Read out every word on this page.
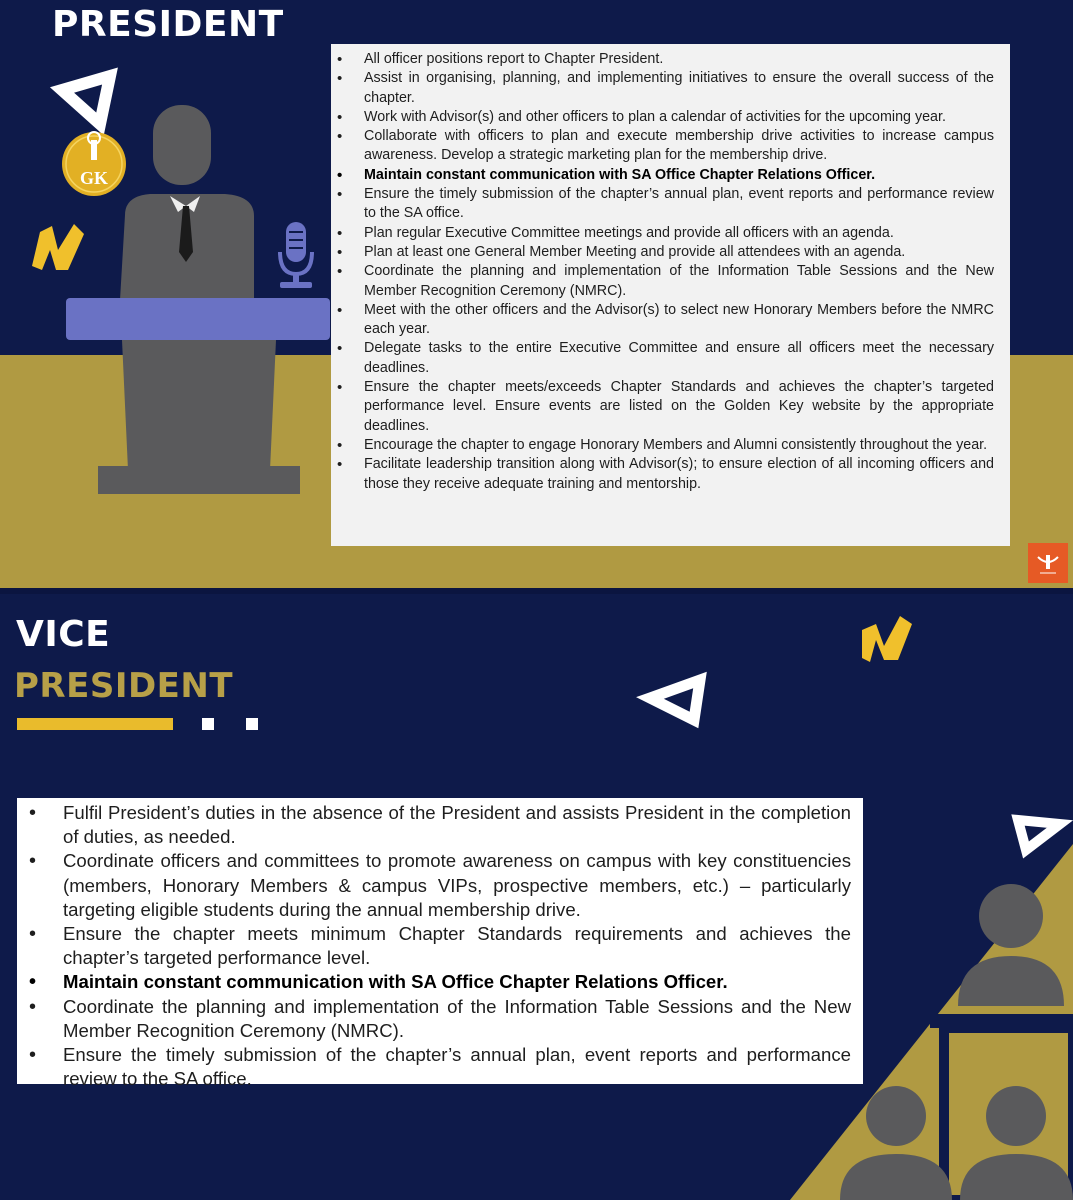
GK
PRESIDENT
• All officer positions report to Chapter President.
• Assist in organising, planning, and implementing initiatives to ensure the overall success of the chapter.
• Work with Advisor(s) and other officers to plan a calendar of activities for the upcoming year.
• Collaborate with officers to plan and execute membership drive activities to increase campus awareness. Develop a strategic marketing plan for the membership drive.
• Maintain constant communication with SA Office Chapter Relations Officer.
• Ensure the timely submission of the chapter’s annual plan, event reports and performance review to the SA office.
• Plan regular Executive Committee meetings and provide all officers with an agenda.
• Plan at least one General Member Meeting and provide all attendees with an agenda.
• Coordinate the planning and implementation of the Information Table Sessions and the New Member Recognition Ceremony (NMRC).
• Meet with the other officers and the Advisor(s) to select new Honorary Members before the NMRC each year.
• Delegate tasks to the entire Executive Committee and ensure all officers meet the necessary deadlines.
• Ensure the chapter meets/exceeds Chapter Standards and achieves the chapter’s targeted performance level. Ensure events are listed on the Golden Key website by the appropriate deadlines.
• Encourage the chapter to engage Honorary Members and Alumni consistently throughout the year.
• Facilitate leadership transition along with Advisor(s); to ensure election of all incoming officers and those they receive adequate training and mentorship.
VICE
PRESIDENT
• Fulfil President’s duties in the absence of the President and assists President in the completion of duties, as needed.
• Coordinate officers and committees to promote awareness on campus with key constituencies (members, Honorary Members & campus VIPs, prospective members, etc.) – particularly targeting eligible students during the annual membership drive.
• Ensure the chapter meets minimum Chapter Standards requirements and achieves the chapter’s targeted performance level.
• Maintain constant communication with SA Office Chapter Relations Officer.
• Coordinate the planning and implementation of the Information Table Sessions and the New Member Recognition Ceremony (NMRC).
• Ensure the timely submission of the chapter’s annual plan, event reports and performance review to the SA office.
